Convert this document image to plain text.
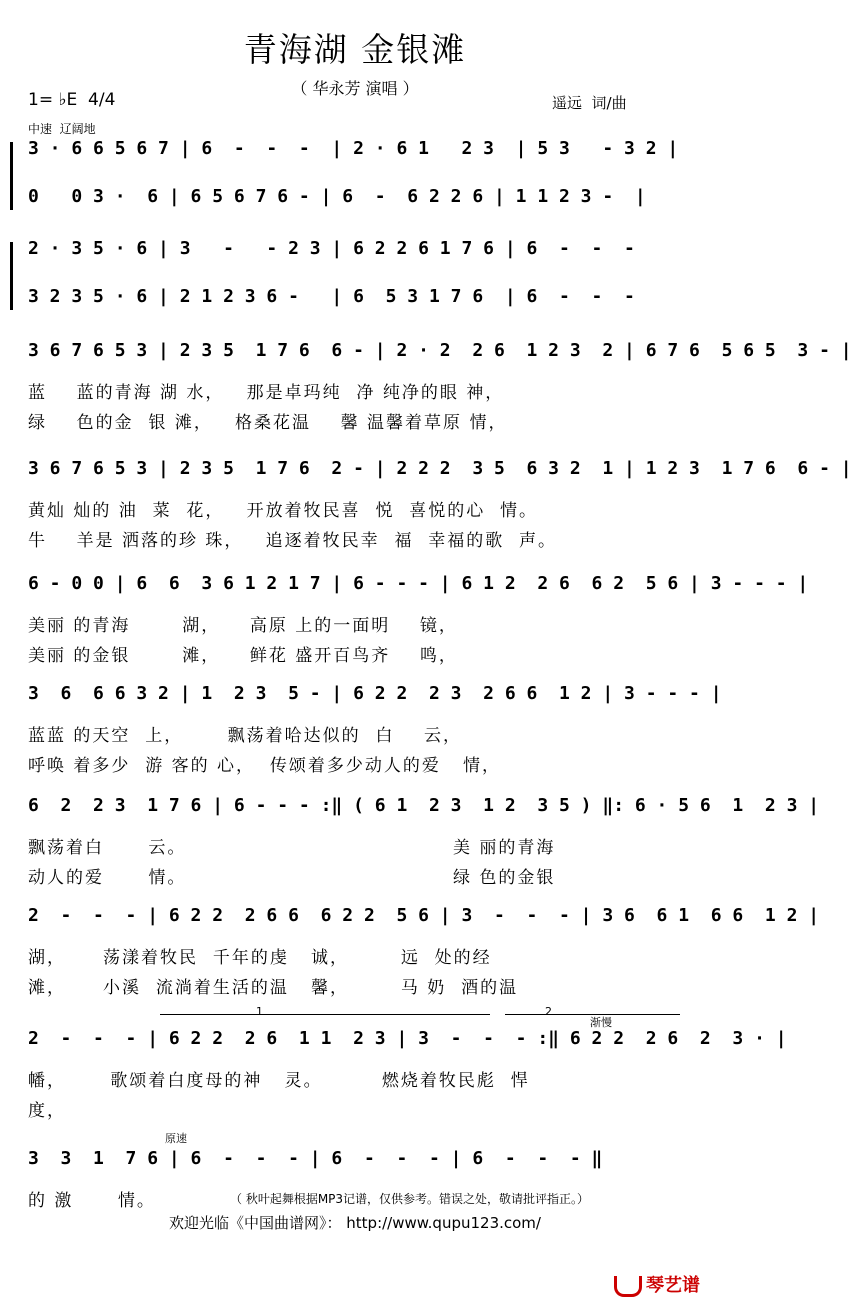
青海湖 金银滩
（ 华永芳 演唱 ）
遥远  词/曲
1= ♭E  4/4
中速  辽阔地
3 · 6 6 5 6 7 | 6  -  -  -  | 2 · 6 1   2 3  | 5 3   - 3 2 |
0   0 3 ·  6 | 6 5 6 7 6 - | 6  -  6 2 2 6 | 1 1 2 3 -  |
2 · 3 5 · 6 | 3   -   - 2 3 | 6 2 2 6 1 7 6 | 6  -  -  -
3 2 3 5 · 6 | 2 1 2 3 6 -   | 6  5 3 1 7 6  | 6  -  -  -
3 6 7 6 5 3 | 2 3 5  1 7 6  6 - | 2 · 2  2 6  1 2 3  2 | 6 7 6  5 6 5  3 - |
蓝    蓝的青海 湖 水，   那是卓玛纯  净 纯净的眼 神，
绿    色的金  银 滩，   格桑花温    馨 温馨着草原 情，
3 6 7 6 5 3 | 2 3 5  1 7 6  2 - | 2 2 2  3 5  6 3 2  1 | 1 2 3  1 7 6  6 - |
黄灿 灿的 油  菜  花，   开放着牧民喜  悦  喜悦的心  情。
牛    羊是 洒落的珍 珠，   追逐着牧民幸  福  幸福的歌  声。
6 - 0 0 | 6  6  3 6 1 2 1 7 | 6 - - - | 6 1 2  2 6  6 2  5 6 | 3 - - - |
美丽 的青海       湖，    高原 上的一面明    镜，
美丽 的金银       滩，    鲜花 盛开百鸟齐    鸣，
3  6  6 6 3 2 | 1  2 3  5 - | 6 2 2  2 3  2 6 6  1 2 | 3 - - - |
蓝蓝 的天空  上，      飘荡着哈达似的  白    云，
呼唤 着多少  游 客的 心，  传颂着多少动人的爱   情，
6  2  2 3  1 7 6 | 6 - - - :‖ ( 6 1  2 3  1 2  3 5 ) ‖: 6 · 5 6  1  2 3 |
飘荡着白      云。                                    美 丽的青海
动人的爱      情。                                    绿 色的金银
2  -  -  - | 6 2 2  2 6 6  6 2 2  5 6 | 3  -  -  - | 3 6  6 1  6 6  1 2 |
湖，     荡漾着牧民  千年的虔   诚，       远  处的经
滩，     小溪  流淌着生活的温   馨，       马 奶  酒的温
2  -  -  - | 6 2 2  2 6  1 1  2 3 | 3  -  -  - :‖ 6 2 2  2 6  2  3 · |
幡，      歌颂着白度母的神   灵。        燃烧着牧民彪  悍
度，
3  3  1  7 6 | 6  -  -  - | 6  -  -  - | 6  -  -  - ‖
的 激      情。
1	2
渐慢
原速
（ 秋叶起舞根据MP3记谱，仅供参考。错误之处，敬请批评指正。）
欢迎光临《中国曲谱网》： http://www.qupu123.com/

琴艺谱
